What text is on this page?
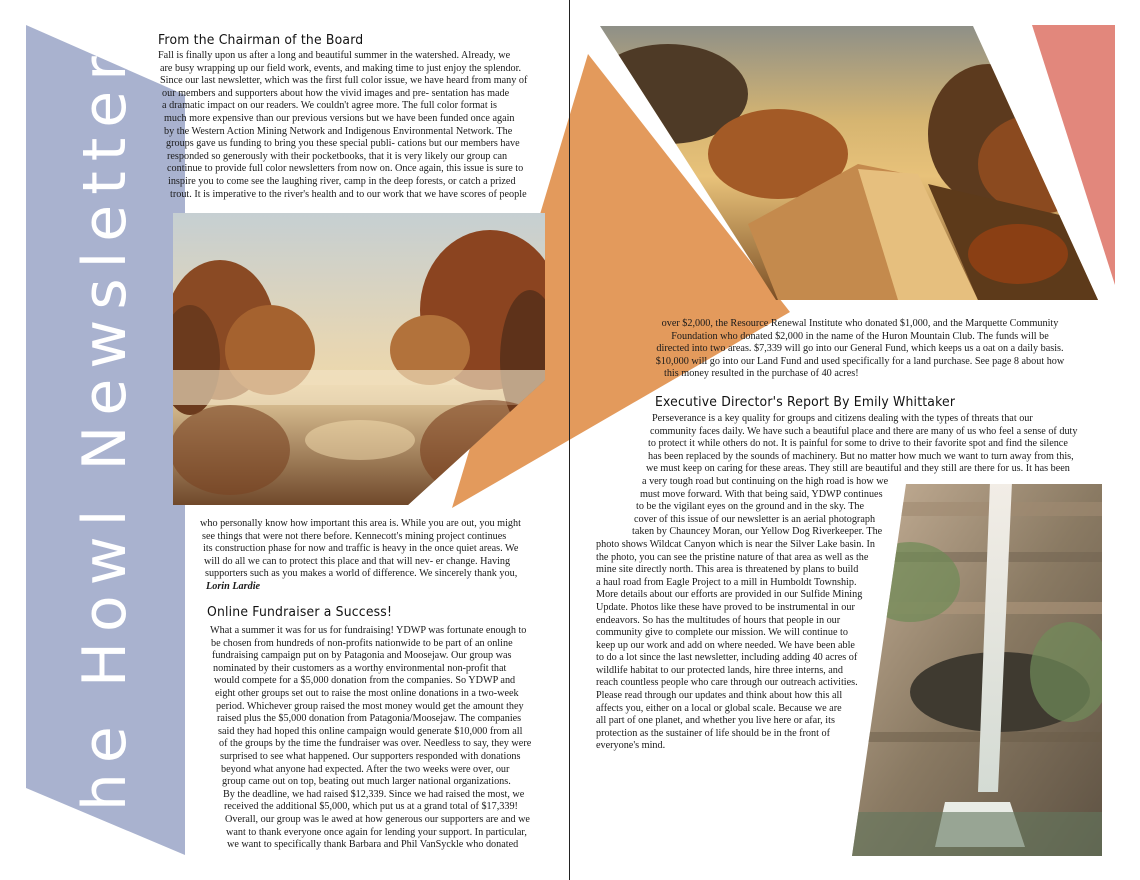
The Howl Newsletter
From the Chairman of the Board
Fall is finally upon us after a long and beautiful summer in the watershed. Already, we
are busy wrapping up our field work, events, and making time to just enjoy the splendor.
Since our last newsletter, which was the first full color issue, we have heard from many of
our members and supporters about how the vivid images and pre- sentation has made
a dramatic impact on our readers. We couldn't agree more. The full color format is
much more expensive than our previous versions but we have been funded once again
by the Western Action Mining Network and Indigenous Environmental Network. The
groups gave us funding to bring you these special publi- cations but our members have
responded so generously with their pocketbooks, that it is very likely our group can
continue to provide full color newsletters from now on. Once again, this issue is sure to
inspire you to come see the laughing river, camp in the deep forests, or catch a prized
trout. It is imperative to the river's health and to our work that we have scores of people
who personally know how important this area is. While you are out, you might
see things that were not there before. Kennecott's mining project continues
its construction phase for now and traffic is heavy in the once quiet areas. We
will do all we can to protect this place and that will nev- er change. Having
supporters such as you makes a world of difference. We sincerely thank you,
Lorin Lardie
Online Fundraiser a Success!
What a summer it was for us for fundraising! YDWP was fortunate enough to
be chosen from hundreds of non-profits nationwide to be part of an online
fundraising campaign put on by Patagonia and Moosejaw. Our group was
nominated by their customers as a worthy environmental non-profit that
would compete for a $5,000 donation from the companies. So YDWP and
eight other groups set out to raise the most online donations in a two-week
period. Whichever group raised the most money would get the amount they
raised plus the $5,000 donation from Patagonia/Moosejaw. The companies
said they had hoped this online campaign would generate $10,000 from all
of the groups by the time the fundraiser was over. Needless to say, they were
surprised to see what happened. Our supporters responded with donations
beyond what anyone had expected. After the two weeks were over, our
group came out on top, beating out much larger national organizations.
By the deadline, we had raised $12,339. Since we had raised the most, we
received the additional $5,000, which put us at a grand total of $17,339!
Overall, our group was le awed at how generous our supporters are and we
want to thank everyone once again for lending your support. In particular,
we want to specifically thank Barbara and Phil VanSyckle who donated
over $2,000, the Resource Renewal Institute who donated $1,000, and the Marquette Community
Foundation who donated $2,000 in the name of the Huron Mountain Club. The funds will be
directed into two areas. $7,339 will go into our General Fund, which keeps us a oat on a daily basis.
$10,000 will go into our Land Fund and used specifically for a land purchase. See page 8 about how
this money resulted in the purchase of 40 acres!
Executive Director's Report By Emily Whittaker
Perseverance is a key quality for groups and citizens dealing with the types of threats that our
community faces daily. We have such a beautiful place and there are many of us who feel a sense of duty
to protect it while others do not. It is painful for some to drive to their favorite spot and find the silence
has been replaced by the sounds of machinery. But no matter how much we want to turn away from this,
we must keep on caring for these areas. They still are beautiful and they still are there for us. It has been
a very tough road but continuing on the high road is how we
must move forward. With that being said, YDWP continues
to be the vigilant eyes on the ground and in the sky. The
cover of this issue of our newsletter is an aerial photograph
taken by Chauncey Moran, our Yellow Dog Riverkeeper. The
photo shows Wildcat Canyon which is near the Silver Lake basin. In
the photo, you can see the pristine nature of that area as well as the
mine site directly north. This area is threatened by plans to build
a haul road from Eagle Project to a mill in Humboldt Township.
More details about our efforts are provided in our Sulfide Mining
Update. Photos like these have proved to be instrumental in our
endeavors. So has the multitudes of hours that people in our
community give to complete our mission. We will continue to
keep up our work and add on where needed. We have been able
to do a lot since the last newsletter, including adding 40 acres of
wildlife habitat to our protected lands, hire three interns, and
reach countless people who care through our outreach activities.
Please read through our updates and think about how this all
affects you, either on a local or global scale. Because we are
all part of one planet, and whether you live here or afar, its
protection as the sustainer of life should be in the front of
everyone's mind.
